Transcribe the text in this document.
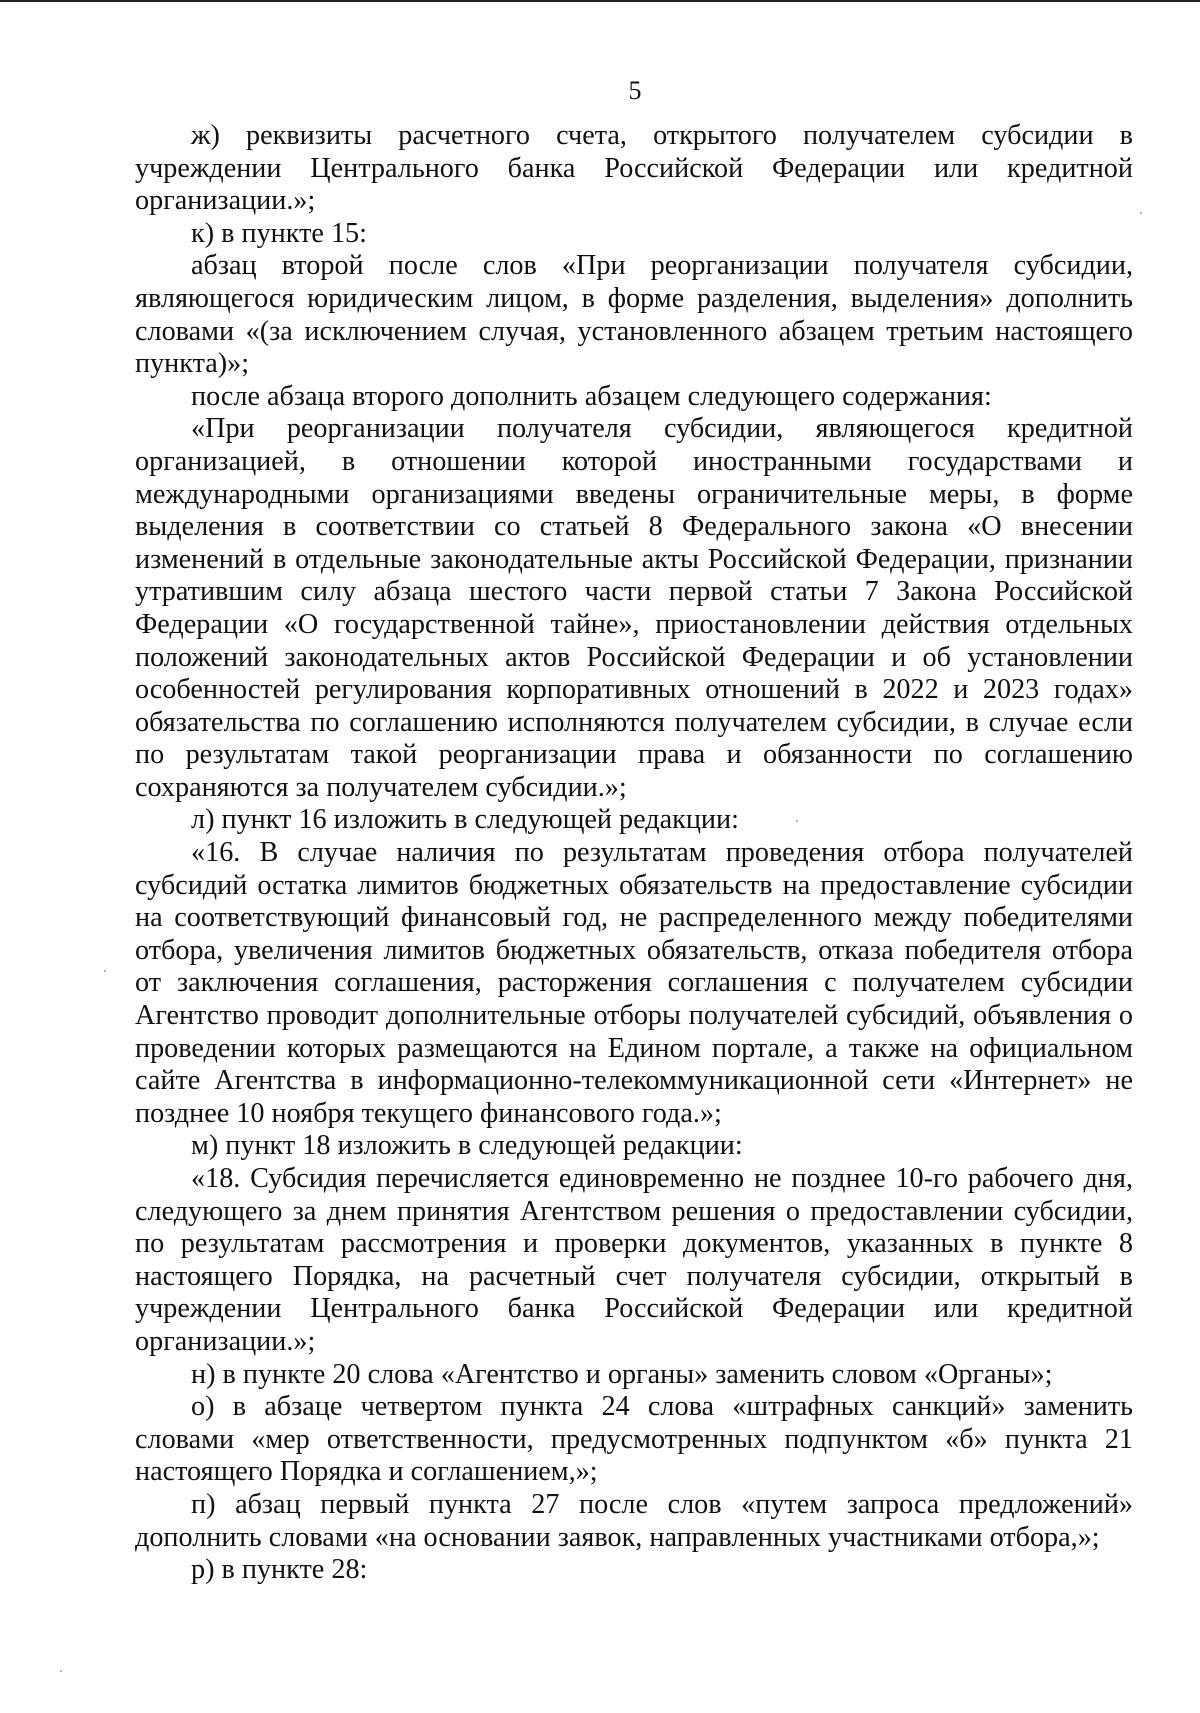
5

ж) реквизиты расчетного счета, открытого получателем субсидии в учреждении Центрального банка Российской Федерации или кредитной организации.»;

к) в пункте 15:

абзац второй после слов «При реорганизации получателя субсидии, являющегося юридическим лицом, в форме разделения, выделения» дополнить словами «(за исключением случая, установленного абзацем третьим настоящего пункта)»;

после абзаца второго дополнить абзацем следующего содержания:

«При реорганизации получателя субсидии, являющегося кредитной организацией, в отношении которой иностранными государствами и международными организациями введены ограничительные меры, в форме выделения в соответствии со статьей 8 Федерального закона «О внесении изменений в отдельные законодательные акты Российской Федерации, признании утратившим силу абзаца шестого части первой статьи 7 Закона Российской Федерации «О государственной тайне», приостановлении действия отдельных положений законодательных актов Российской Федерации и об установлении особенностей регулирования корпоративных отношений в 2022 и 2023 годах» обязательства по соглашению исполняются получателем субсидии, в случае если по результатам такой реорганизации права и обязанности по соглашению сохраняются за получателем субсидии.»;

л) пункт 16 изложить в следующей редакции:

«16. В случае наличия по результатам проведения отбора получателей субсидий остатка лимитов бюджетных обязательств на предоставление субсидии на соответствующий финансовый год, не распределенного между победителями отбора, увеличения лимитов бюджетных обязательств, отказа победителя отбора от заключения соглашения, расторжения соглашения с получателем субсидии Агентство проводит дополнительные отборы получателей субсидий, объявления о проведении которых размещаются на Едином портале, а также на официальном сайте Агентства в информационно-телекоммуникационной сети «Интернет» не позднее 10 ноября текущего финансового года.»;

м) пункт 18 изложить в следующей редакции:

«18. Субсидия перечисляется единовременно не позднее 10-го рабочего дня, следующего за днем принятия Агентством решения о предоставлении субсидии, по результатам рассмотрения и проверки документов, указанных в пункте 8 настоящего Порядка, на расчетный счет получателя субсидии, открытый в учреждении Центрального банка Российской Федерации или кредитной организации.»;

н) в пункте 20 слова «Агентство и органы» заменить словом «Органы»;

о) в абзаце четвертом пункта 24 слова «штрафных санкций» заменить словами «мер ответственности, предусмотренных подпунктом «б» пункта 21 настоящего Порядка и соглашением,»;

п) абзац первый пункта 27 после слов «путем запроса предложений» дополнить словами «на основании заявок, направленных участниками отбора,»;

р) в пункте 28:
